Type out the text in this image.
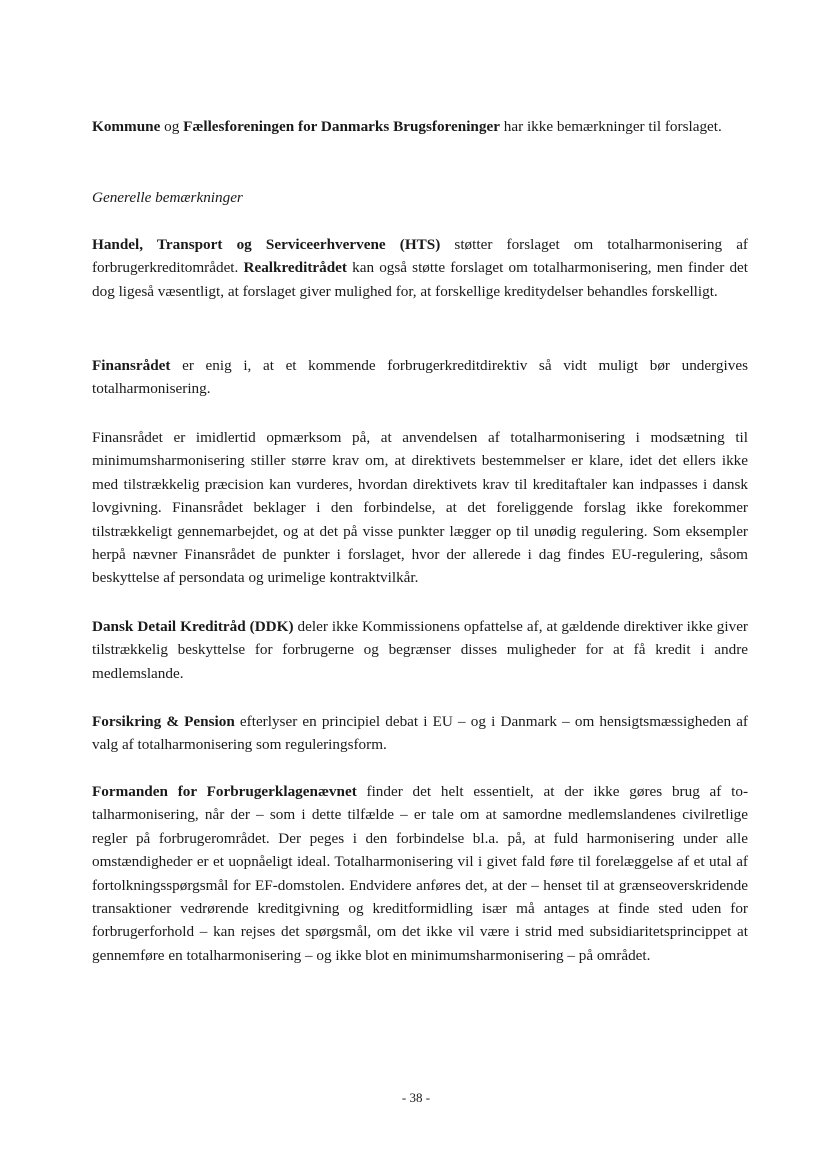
Kommune og Fællesforeningen for Danmarks Brugsforeninger har ikke bemærkninger til forslaget.

Generelle bemærkninger

Handel, Transport og Serviceerhvervene (HTS) støtter forslaget om totalharmonisering af forbrugerkreditområdet. Realkreditrådet kan også støtte forslaget om totalharmonisering, men finder det dog ligeså væsentligt, at forslaget giver mulighed for, at forskellige kreditydelser behandles forskelligt.

Finansrådet er enig i, at et kommende forbrugerkreditdirektiv så vidt muligt bør undergives totalharmonisering.

Finansrådet er imidlertid opmærksom på, at anvendelsen af totalharmonisering i modsætning til minimumsharmonisering stiller større krav om, at direktivets bestemmelser er klare, idet det ellers ikke med tilstrækkelig præcision kan vurderes, hvordan direktivets krav til kreditaftaler kan indpasses i dansk lovgivning. Finansrådet beklager i den forbindelse, at det foreliggende forslag ikke forekommer tilstrækkeligt gennemarbejdet, og at det på visse punkter lægger op til unødig regulering. Som eksempler herpå nævner Finansrådet de punkter i forslaget, hvor der allerede i dag findes EU-regulering, såsom beskyttelse af persondata og urimelige kontraktvilkår.

Dansk Detail Kreditråd (DDK) deler ikke Kommissionens opfattelse af, at gældende direktiver ikke giver tilstrækkelig beskyttelse for forbrugerne og begrænser disses muligheder for at få kredit i andre medlemslande.

Forsikring & Pension efterlyser en principiel debat i EU – og i Danmark – om hensigtsmæssigheden af valg af totalharmonisering som reguleringsform.

Formanden for Forbrugerklagenævnet finder det helt essentielt, at der ikke gøres brug af totalharmonisering, når der – som i dette tilfælde – er tale om at samordne medlemslandenes civilretlige regler på forbrugerområdet. Der peges i den forbindelse bl.a. på, at fuld harmonisering under alle omstændigheder er et uopnåeligt ideal. Totalharmonisering vil i givet fald føre til forelæggelse af et utal af fortolkningsspørgsmål for EF-domstolen. Endvidere anføres det, at der – henset til at grænseoverskridende transaktioner vedrørende kreditgivning og kreditformidling især må antages at finde sted uden for forbrugerforhold – kan rejses det spørgsmål, om det ikke vil være i strid med subsidiaritetsprincippet at gennemføre en totalharmonisering – og ikke blot en minimumsharmonisering – på området.

- 38 -
